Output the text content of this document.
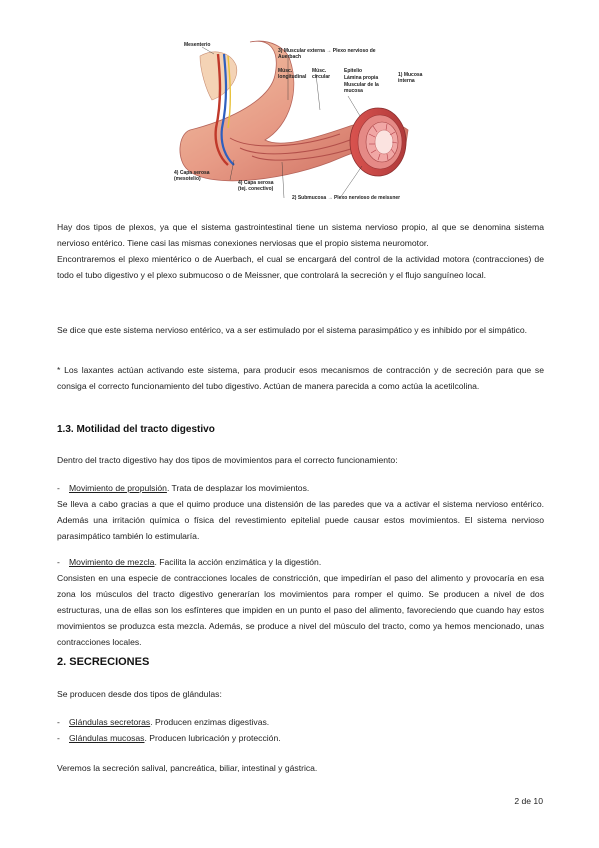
Mesenterio
3) Muscular externa → Plexo nervioso de Auerbach
Músc. longitudinal
Músc. circular
Epitelio
Lámina propia
Muscular de la mucosa
1) Mucosa interna
4) Capa serosa (mesotelio)
4) Capa serosa (tej. conectivo)
2) Submucosa → Plexo nervioso de meissner

Hay dos tipos de plexos, ya que el sistema gastrointestinal tiene un sistema nervioso propio, al que se denomina sistema nervioso entérico. Tiene casi las mismas conexiones nerviosas que el propio sistema neuromotor.

Encontraremos el plexo mientérico o de Auerbach, el cual se encargará del control de la actividad motora (contracciones) de todo el tubo digestivo y el plexo submucoso o de Meissner, que controlará la secreción y el flujo sanguíneo local.

Se dice que este sistema nervioso entérico, va a ser estimulado por el sistema parasimpático y es inhibido por el simpático.

* Los laxantes actúan activando este sistema, para producir esos mecanismos de contracción y de secreción para que se consiga el correcto funcionamiento del tubo digestivo. Actúan de manera parecida a como actúa la acetilcolina.

1.3. Motilidad del tracto digestivo

Dentro del tracto digestivo hay dos tipos de movimientos para el correcto funcionamiento:

- Movimiento de propulsión. Trata de desplazar los movimientos.

Se lleva a cabo gracias a que el quimo produce una distensión de las paredes que va a activar el sistema nervioso entérico. Además una irritación química o física del revestimiento epitelial puede causar estos movimientos. El sistema nervioso parasimpático también lo estimularía.

- Movimiento de mezcla. Facilita la acción enzimática y la digestión.

Consisten en una especie de contracciones locales de constricción, que impedirían el paso del alimento y provocaría en esa zona los músculos del tracto digestivo generarían los movimientos para romper el quimo. Se producen a nivel de dos estructuras, una de ellas son los esfínteres que impiden en un punto el paso del alimento, favoreciendo que cuando hay estos movimientos se produzca esta mezcla. Además, se produce a nivel del músculo del tracto, como ya hemos mencionado, unas contracciones locales.

2. SECRECIONES

Se producen desde dos tipos de glándulas:

- Glándulas secretoras. Producen enzimas digestivas.

- Glándulas mucosas. Producen lubricación y protección.

Veremos la secreción salival, pancreática, biliar, intestinal y gástrica.

2 de 10
